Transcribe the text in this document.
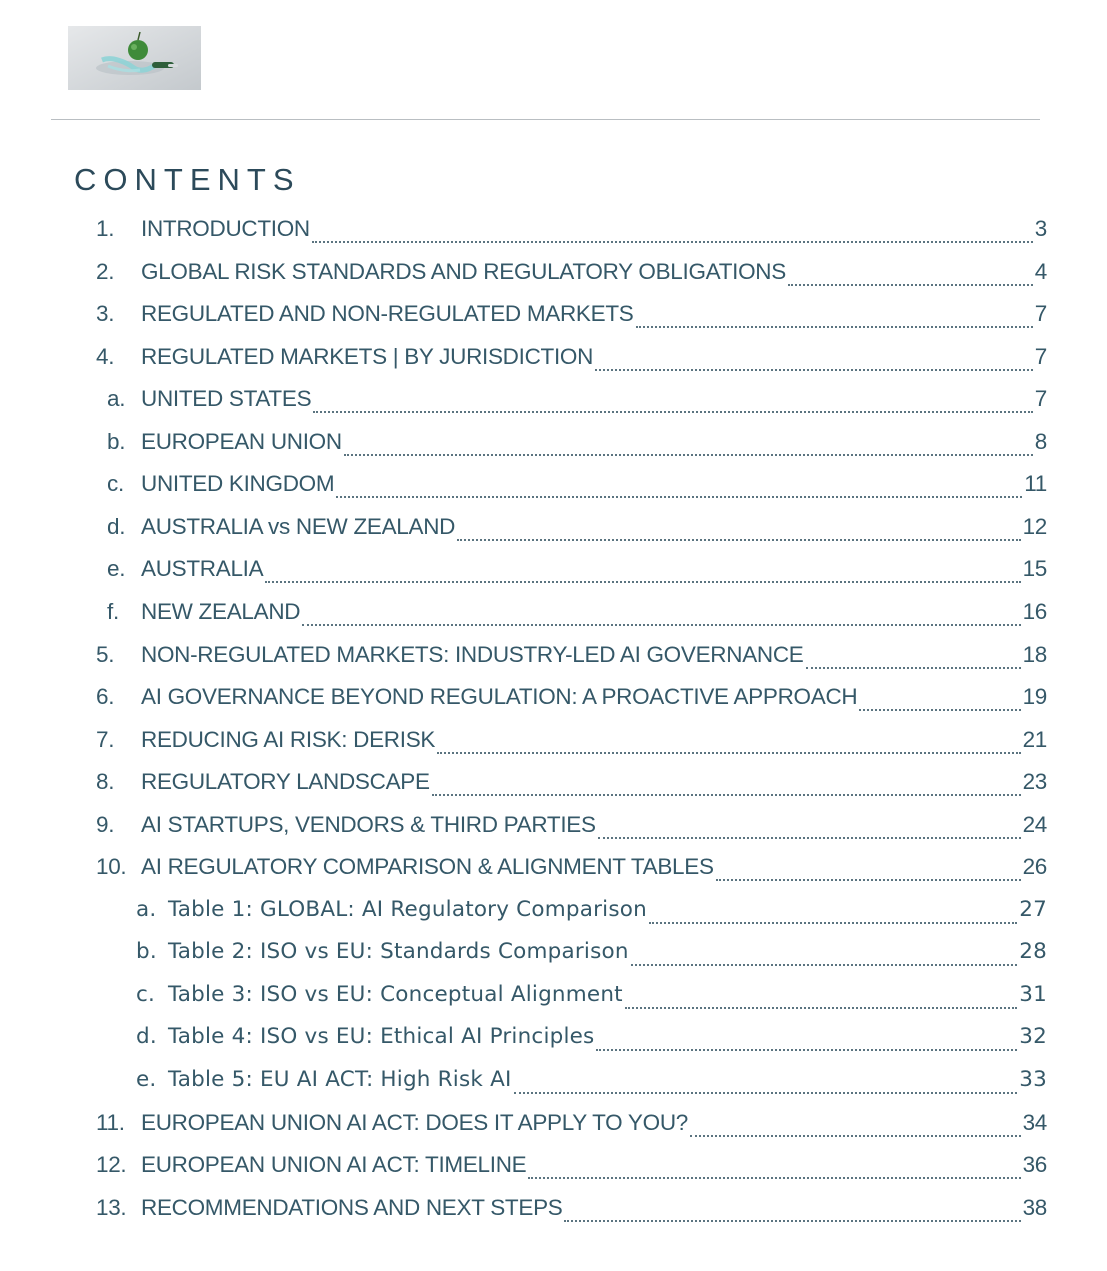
CONTENTS
1. INTRODUCTION	3
2. GLOBAL RISK STANDARDS AND REGULATORY OBLIGATIONS	4
3. REGULATED AND NON-REGULATED MARKETS	7
4. REGULATED MARKETS | BY JURISDICTION	7
a. UNITED STATES	7
b. EUROPEAN UNION	8
c. UNITED KINGDOM	11
d. AUSTRALIA vs NEW ZEALAND	12
e. AUSTRALIA	15
f. NEW ZEALAND	16
5. NON-REGULATED MARKETS: INDUSTRY-LED AI GOVERNANCE	18
6. AI GOVERNANCE BEYOND REGULATION: A PROACTIVE APPROACH	19
7. REDUCING AI RISK: DERISK	21
8. REGULATORY LANDSCAPE	23
9. AI STARTUPS, VENDORS & THIRD PARTIES	24
10. AI REGULATORY COMPARISON & ALIGNMENT TABLES	26
a. Table 1: GLOBAL: AI Regulatory Comparison	27
b. Table 2: ISO vs EU: Standards Comparison	28
c. Table 3: ISO vs EU: Conceptual Alignment	31
d. Table 4: ISO vs EU: Ethical AI Principles	32
e. Table 5: EU AI ACT: High Risk AI	33
11. EUROPEAN UNION AI ACT: DOES IT APPLY TO YOU?	34
12. EUROPEAN UNION AI ACT: TIMELINE	36
13. RECOMMENDATIONS AND NEXT STEPS	38
